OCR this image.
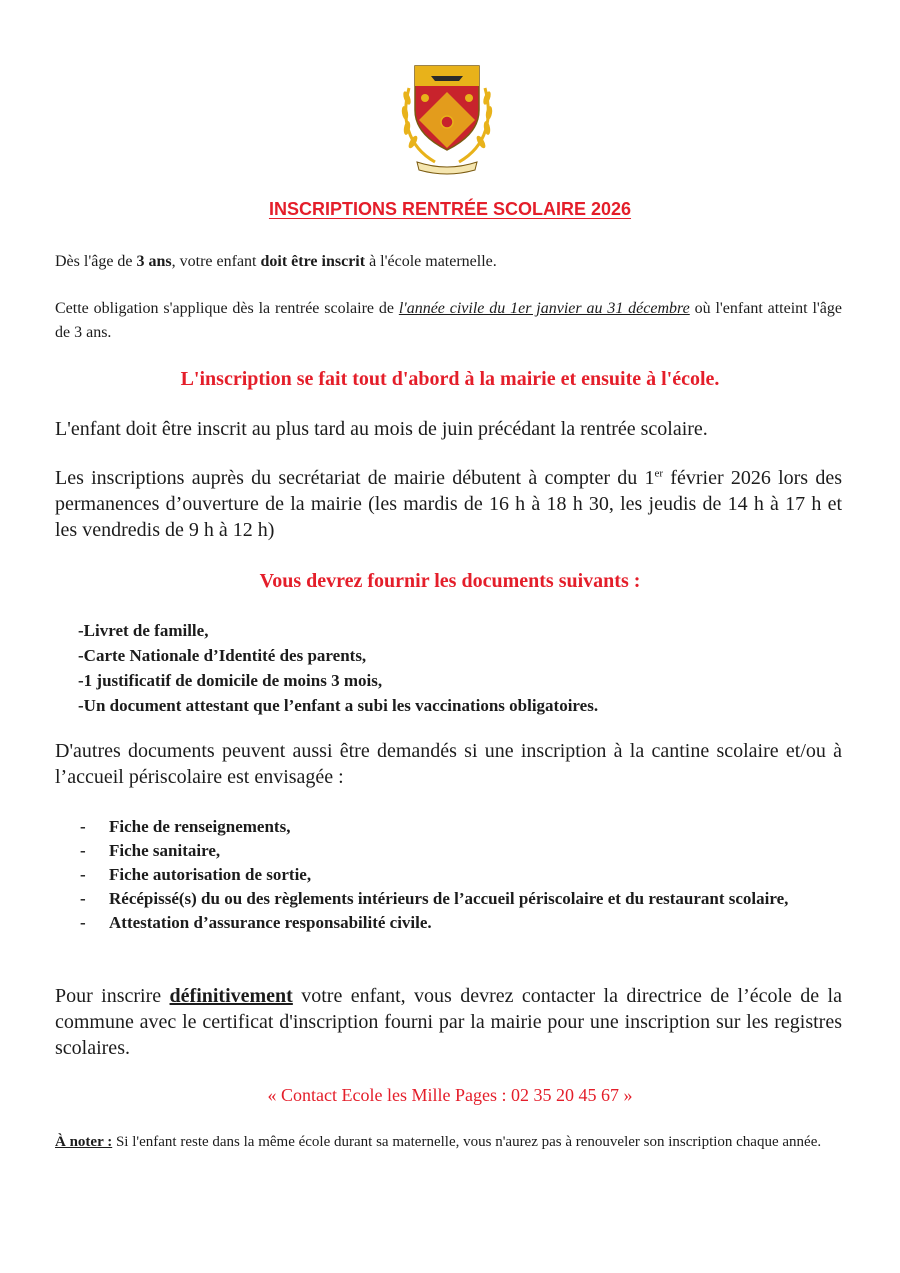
INSCRIPTIONS RENTRÉE SCOLAIRE 2026
Dès l'âge de 3 ans, votre enfant doit être inscrit à l'école maternelle.
Cette obligation s'applique dès la rentrée scolaire de l'année civile du 1er janvier au 31 décembre où l'enfant atteint l'âge de 3 ans.
L'inscription se fait tout d'abord à la mairie et ensuite à l'école.
L'enfant doit être inscrit au plus tard au mois de juin précédant la rentrée scolaire.
Les inscriptions auprès du secrétariat de mairie débutent à compter du 1er février 2026 lors des permanences d’ouverture de la mairie (les mardis de 16 h à 18 h 30, les jeudis de 14 h à 17 h et les vendredis de 9 h à 12 h)
Vous devrez fournir les documents suivants :
-Livret de famille,
-Carte Nationale d’Identité des parents,
-1 justificatif de domicile de moins 3 mois,
-Un document attestant que l’enfant a subi les vaccinations obligatoires.
D'autres documents peuvent aussi être demandés si une inscription à la cantine scolaire et/ou à l’accueil périscolaire est envisagée :
-	Fiche de renseignements,
-	Fiche sanitaire,
-	Fiche autorisation de sortie,
-	Récépissé(s) du ou des règlements intérieurs de l’accueil périscolaire et du restaurant scolaire,
-	Attestation d’assurance responsabilité civile.
Pour inscrire définitivement votre enfant, vous devrez contacter la directrice de l’école de la commune avec le certificat d'inscription fourni par la mairie pour une inscription sur les registres scolaires.
« Contact Ecole les Mille Pages : 02 35 20 45 67 »
À noter : Si l'enfant reste dans la même école durant sa maternelle, vous n'aurez pas à renouveler son inscription chaque année.
